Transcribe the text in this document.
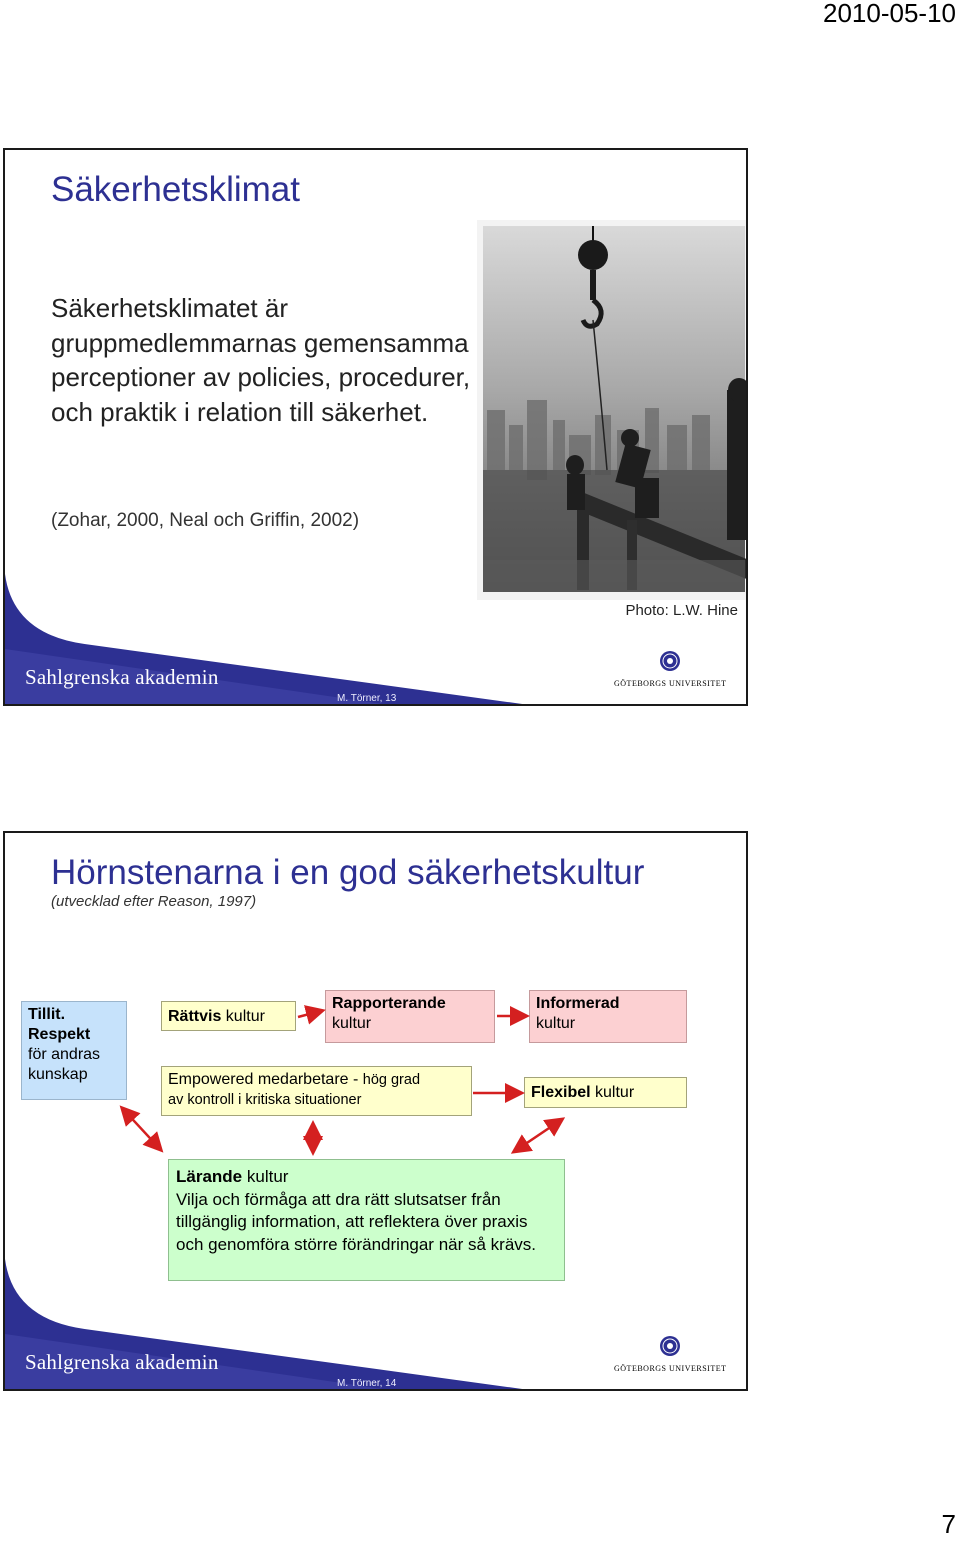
2010-05-10
Säkerhetsklimat
Säkerhetsklimatet är gruppmedlemmarnas gemensamma perceptioner av policies, procedurer, och praktik i relation till säkerhet.
(Zohar, 2000, Neal och Griffin, 2002)
Photo: L.W. Hine
Sahlgrenska akademin
M. Törner, 13
GÖTEBORGS UNIVERSITET
Hörnstenarna i en god säkerhetskultur
(utvecklad efter Reason, 1997)
Tillit.
Respekt
för andras
kunskap
Rättvis kultur
Rapporterande
kultur
Informerad
kultur
Empowered medarbetare - hög grad
av kontroll i kritiska situationer	Flexibel kultur
Lärande kultur
Vilja och förmåga att dra rätt slutsatser från tillgänglig information, att reflektera över praxis och genomföra större förändringar när så krävs.
Sahlgrenska akademin
M. Törner, 14
GÖTEBORGS UNIVERSITET
7
